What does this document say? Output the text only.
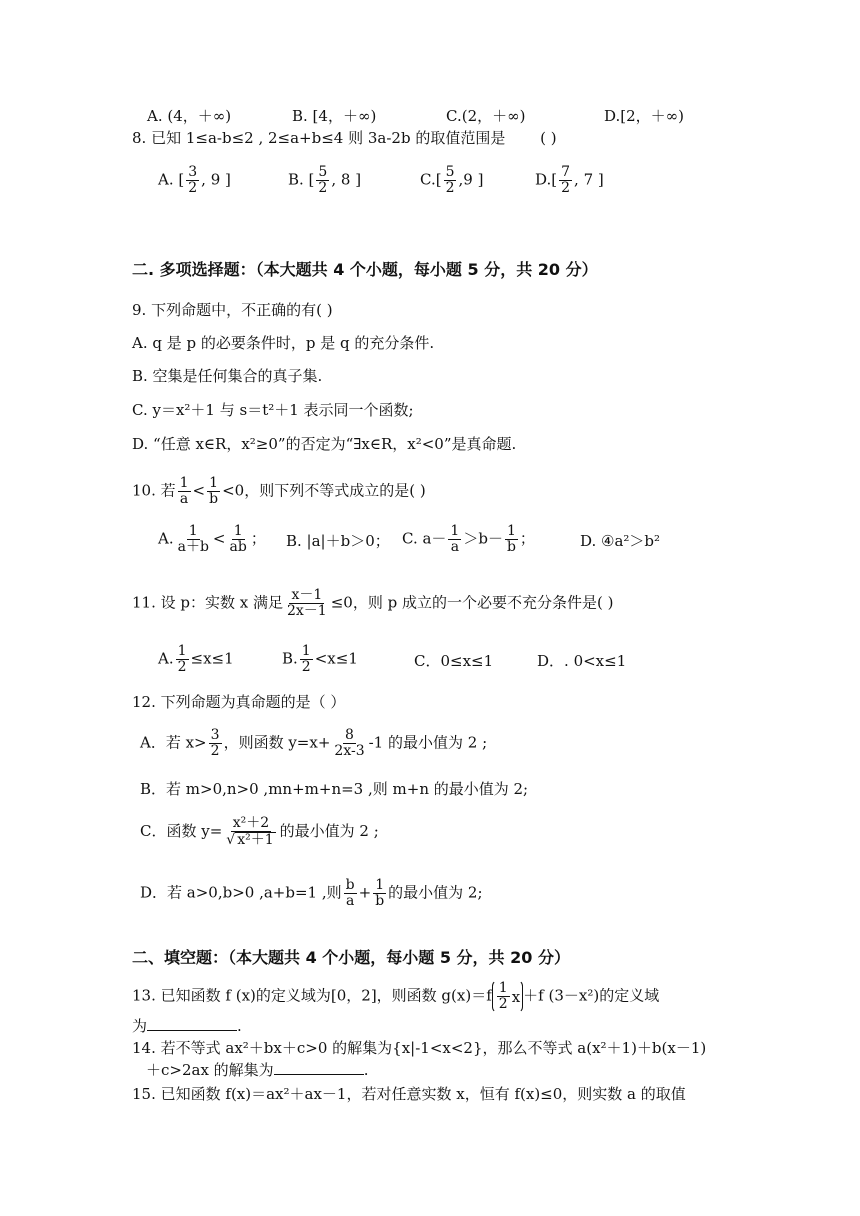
A. (4，＋∞)	B. [4，＋∞)	C.(2，＋∞)	D.[2，＋∞)
8. 已知 1≤a-b≤2 , 2≤a+b≤4 则 3a-2b 的取值范围是 ( )
A. [ $\frac{3}{2}$ , 9 ]	B. [ $\frac{5}{2}$ , 8 ]	$C.[ \frac{5}{2} ,9$ ]	$D.[ \frac{7}{2}$ , 7 ]
二. 多项选择题：（本大题共 4 个小题，每小题 5 分，共 20 分）
9. 下列命题中，不正确的有( )
A. q 是 p 的必要条件时，p 是 q 的充分条件.
B. 空集是任何集合的真子集.
C. y＝x²＋1 与 s＝t²＋1 表示同一个函数;
D. “任意 x∈R，x²≥0”的否定为“∃x∈R，x²<0”是真命题.
10. 若 $\frac{1}{a} < \frac{1}{b} <0$，则下列不等式成立的是( )
A. $\frac{1}{a+b} < \frac{1}{ab}$ ； B. |a|＋b＞0； C. $a- \frac{1}{a} >b- \frac{1}{b}$ ；	D. ④a²＞b²
11. 设 p：实数 x 满足 $\frac{x-1}{2x-1} \le 0$，则 p 成立的一个必要不充分条件是( )
A. $\frac{1}{2} \le x\le 1$	B. $\frac{1}{2} <x\le 1$	C．0≤x≤1	D．. 0<x≤1
12. 下列命题为真命题的是（ ）
A．若 $x> \frac{3}{2}$ ，则函数 $y=x+ \frac{8}{2x-3} -1$ 的最小值为 2 ;
B．若 m>0,n>0 ,mn+m+n=3 ,则 m+n 的最小值为 2;
C．函数 $y= \frac{\text{x²＋2}}{\text{√ x²＋1}}$ 的最小值为 2 ;
D．若 a>0,b>0 ,a+b=1 ,则 $\frac{b}{a} + \frac{1}{b}$ 的最小值为 2;
二、填空题：（本大题共 4 个小题，每小题 5 分，共 20 分）
13. 已知函数 f (x)的定义域为[0，2]，则函数 $g(x)=f \frac{1}{2}$ x ＋f (3－x²)的定义域
为	.
14. 若不等式 ax²＋bx＋c>0 的解集为{x|-1<x<2}，那么不等式 a(x²＋1)＋b(x－1)
＋c>2ax 的解集为	.
15. 已知函数 f(x)＝ax²＋ax－1，若对任意实数 x，恒有 f(x)≤0，则实数 a 的取值
